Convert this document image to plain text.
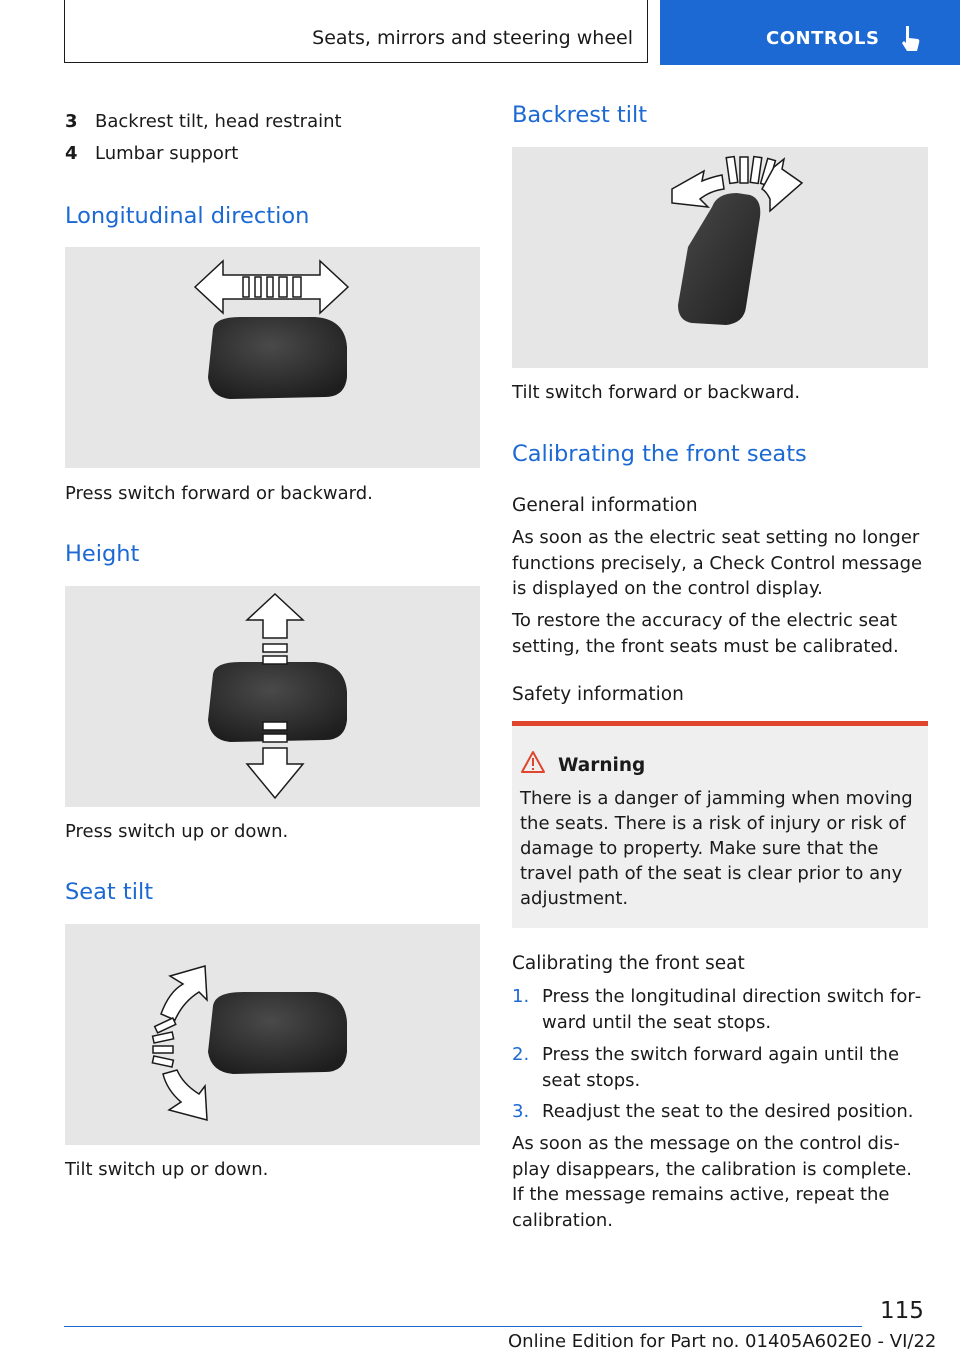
Seats, mirrors and steering wheel	CONTROLS
3 Backrest tilt, head restraint
4 Lumbar support
Longitudinal direction
Press switch forward or backward.
Height
Press switch up or down.
Seat tilt
Tilt switch up or down.
Backrest tilt
Tilt switch forward or backward.
Calibrating the front seats
General information
As soon as the electric seat setting no longer functions precisely, a Check Control message is displayed on the control display.
To restore the accuracy of the electric seat setting, the front seats must be calibrated.
Safety information
Warning
There is a danger of jamming when moving the seats. There is a risk of injury or risk of damage to property. Make sure that the travel path of the seat is clear prior to any adjustment.
Calibrating the front seat
1. Press the longitudinal direction switch forward until the seat stops.
2. Press the switch forward again until the seat stops.
3. Readjust the seat to the desired position.
As soon as the message on the control display disappears, the calibration is complete.
If the message remains active, repeat the calibration.
115
Online Edition for Part no. 01405A602E0 - VI/22
